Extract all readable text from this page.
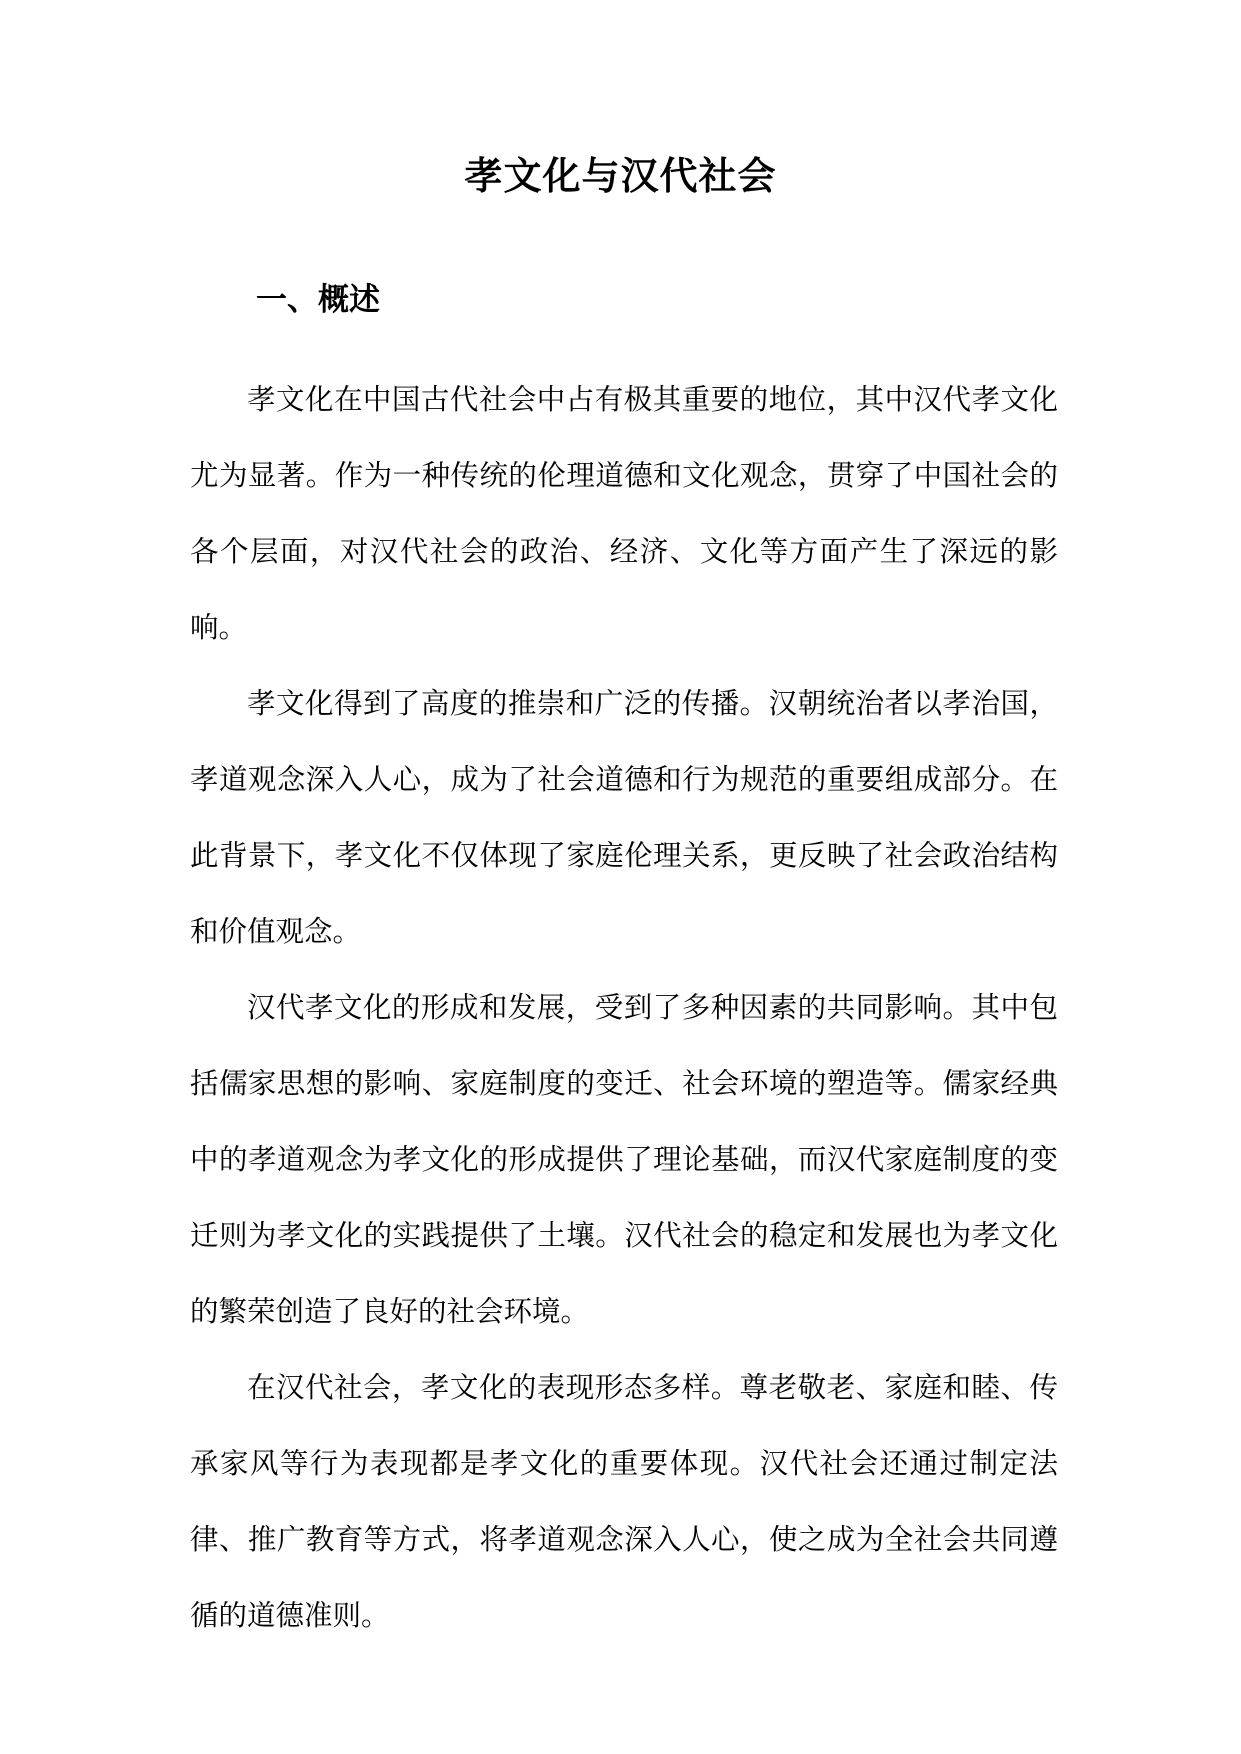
孝文化与汉代社会
一、概述

孝文化在中国古代社会中占有极其重要的地位，其中汉代孝文化尤为显著。作为一种传统的伦理道德和文化观念，贯穿了中国社会的各个层面，对汉代社会的政治、经济、文化等方面产生了深远的影响。

孝文化得到了高度的推崇和广泛的传播。汉朝统治者以孝治国，孝道观念深入人心，成为了社会道德和行为规范的重要组成部分。在此背景下，孝文化不仅体现了家庭伦理关系，更反映了社会政治结构和价值观念。

汉代孝文化的形成和发展，受到了多种因素的共同影响。其中包括儒家思想的影响、家庭制度的变迁、社会环境的塑造等。儒家经典中的孝道观念为孝文化的形成提供了理论基础，而汉代家庭制度的变迁则为孝文化的实践提供了土壤。汉代社会的稳定和发展也为孝文化的繁荣创造了良好的社会环境。

在汉代社会，孝文化的表现形态多样。尊老敬老、家庭和睦、传承家风等行为表现都是孝文化的重要体现。汉代社会还通过制定法律、推广教育等方式，将孝道观念深入人心，使之成为全社会共同遵循的道德准则。
